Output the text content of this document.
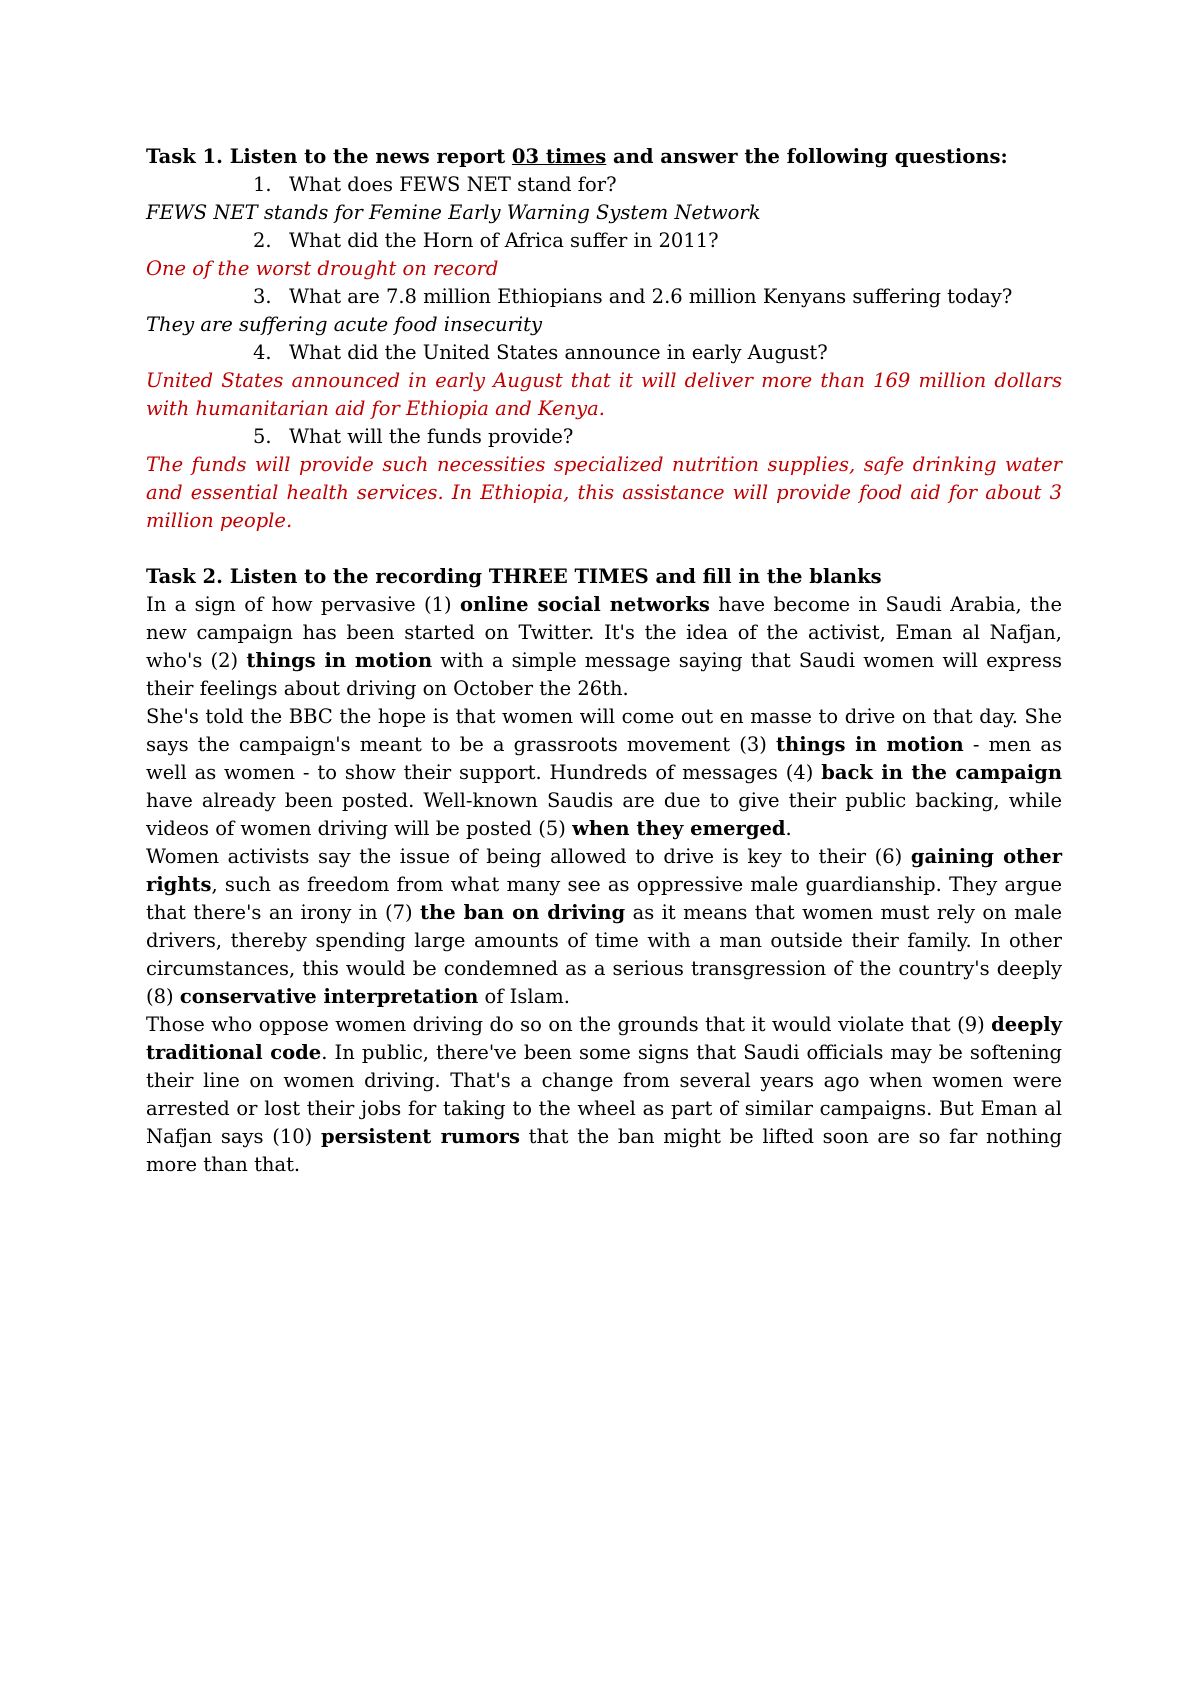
Task 1. Listen to the news report 03 times and answer the following questions:

1. What does FEWS NET stand for?

FEWS NET stands for Femine Early Warning System Network

2. What did the Horn of Africa suffer in 2011?

One of the worst drought on record

3. What are 7.8 million Ethiopians and 2.6 million Kenyans suffering today?

They are suffering acute food insecurity

4. What did the United States announce in early August?

United States announced in early August that it will deliver more than 169 million dollars with humanitarian aid for Ethiopia and Kenya.

5. What will the funds provide?

The funds will provide such necessities specialized nutrition supplies, safe drinking water and essential health services. In Ethiopia, this assistance will provide food aid for about 3 million people.

Task 2. Listen to the recording THREE TIMES and fill in the blanks

In a sign of how pervasive (1) online social networks have become in Saudi Arabia, the new campaign has been started on Twitter. It's the idea of the activist, Eman al Nafjan, who's (2) things in motion with a simple message saying that Saudi women will express their feelings about driving on October the 26th.

She's told the BBC the hope is that women will come out en masse to drive on that day. She says the campaign's meant to be a grassroots movement (3) things in motion - men as well as women - to show their support. Hundreds of messages (4) back in the campaign have already been posted. Well-known Saudis are due to give their public backing, while videos of women driving will be posted (5) when they emerged.

Women activists say the issue of being allowed to drive is key to their (6) gaining other rights, such as freedom from what many see as oppressive male guardianship. They argue that there's an irony in (7) the ban on driving as it means that women must rely on male drivers, thereby spending large amounts of time with a man outside their family. In other circumstances, this would be condemned as a serious transgression of the country's deeply (8) conservative interpretation of Islam.

Those who oppose women driving do so on the grounds that it would violate that (9) deeply traditional code. In public, there've been some signs that Saudi officials may be softening their line on women driving. That's a change from several years ago when women were arrested or lost their jobs for taking to the wheel as part of similar campaigns. But Eman al Nafjan says (10) persistent rumors that the ban might be lifted soon are so far nothing more than that.
